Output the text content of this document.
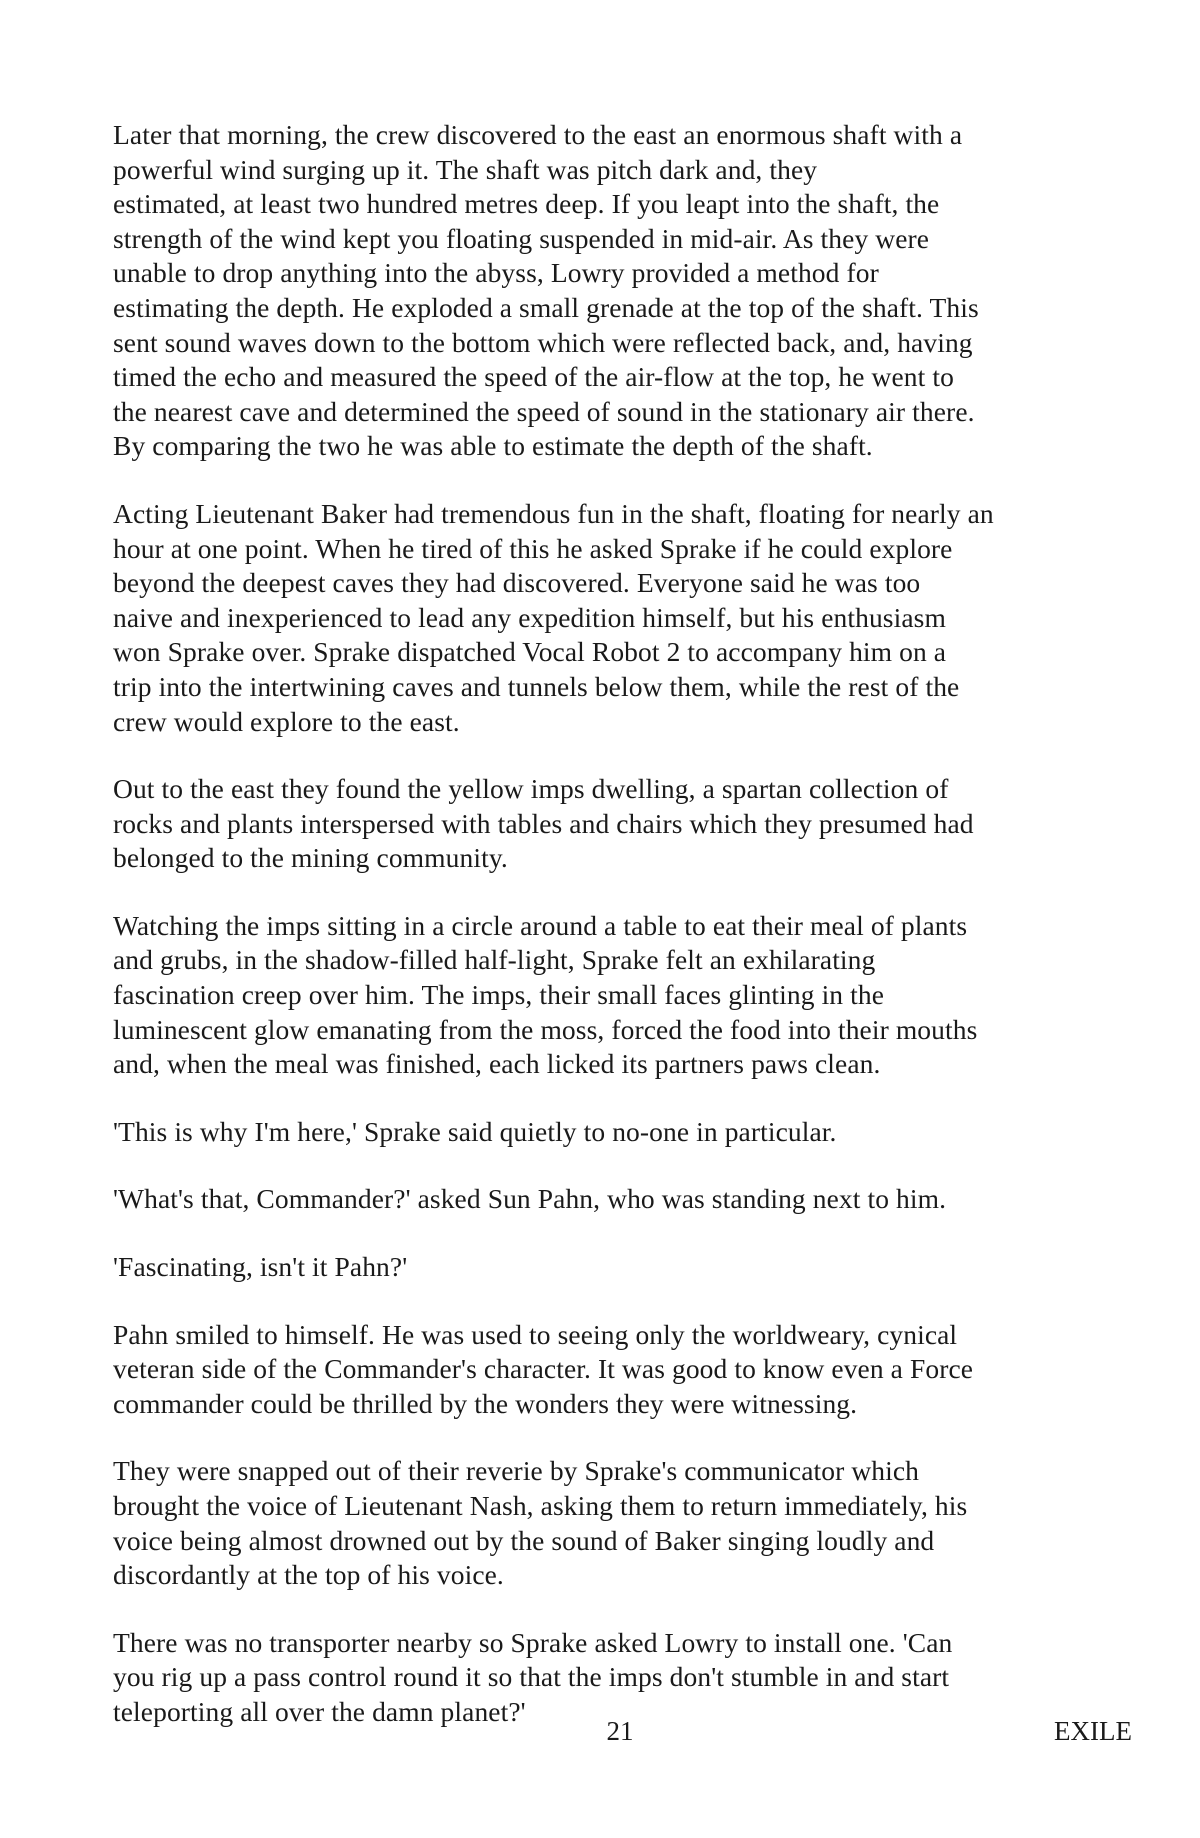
Later that morning, the crew discovered to the east an enormous shaft with a
powerful wind surging up it. The shaft was pitch dark and, they
estimated, at least two hundred metres deep. If you leapt into the shaft, the
strength of the wind kept you floating suspended in mid-air. As they were
unable to drop anything into the abyss, Lowry provided a method for
estimating the depth. He exploded a small grenade at the top of the shaft. This
sent sound waves down to the bottom which were reflected back, and, having
timed the echo and measured the speed of the air-flow at the top, he went to
the nearest cave and determined the speed of sound in the stationary air there.
By comparing the two he was able to estimate the depth of the shaft.

Acting Lieutenant Baker had tremendous fun in the shaft, floating for nearly an
hour at one point. When he tired of this he asked Sprake if he could explore
beyond the deepest caves they had discovered. Everyone said he was too
naive and inexperienced to lead any expedition himself, but his enthusiasm
won Sprake over. Sprake dispatched Vocal Robot 2 to accompany him on a
trip into the intertwining caves and tunnels below them, while the rest of the
crew would explore to the east.

Out to the east they found the yellow imps dwelling, a spartan collection of
rocks and plants interspersed with tables and chairs which they presumed had
belonged to the mining community.

Watching the imps sitting in a circle around a table to eat their meal of plants
and grubs, in the shadow-filled half-light, Sprake felt an exhilarating
fascination creep over him. The imps, their small faces glinting in the
luminescent glow emanating from the moss, forced the food into their mouths
and, when the meal was finished, each licked its partners paws clean.

'This is why I'm here,' Sprake said quietly to no-one in particular.

'What's that, Commander?' asked Sun Pahn, who was standing next to him.

'Fascinating, isn't it Pahn?'

Pahn smiled to himself. He was used to seeing only the worldweary, cynical
veteran side of the Commander's character. It was good to know even a Force
commander could be thrilled by the wonders they were witnessing.

They were snapped out of their reverie by Sprake's communicator which
brought the voice of Lieutenant Nash, asking them to return immediately, his
voice being almost drowned out by the sound of Baker singing loudly and
discordantly at the top of his voice.

There was no transporter nearby so Sprake asked Lowry to install one. 'Can
you rig up a pass control round it so that the imps don't stumble in and start
teleporting all over the damn planet?'

21	EXILE
